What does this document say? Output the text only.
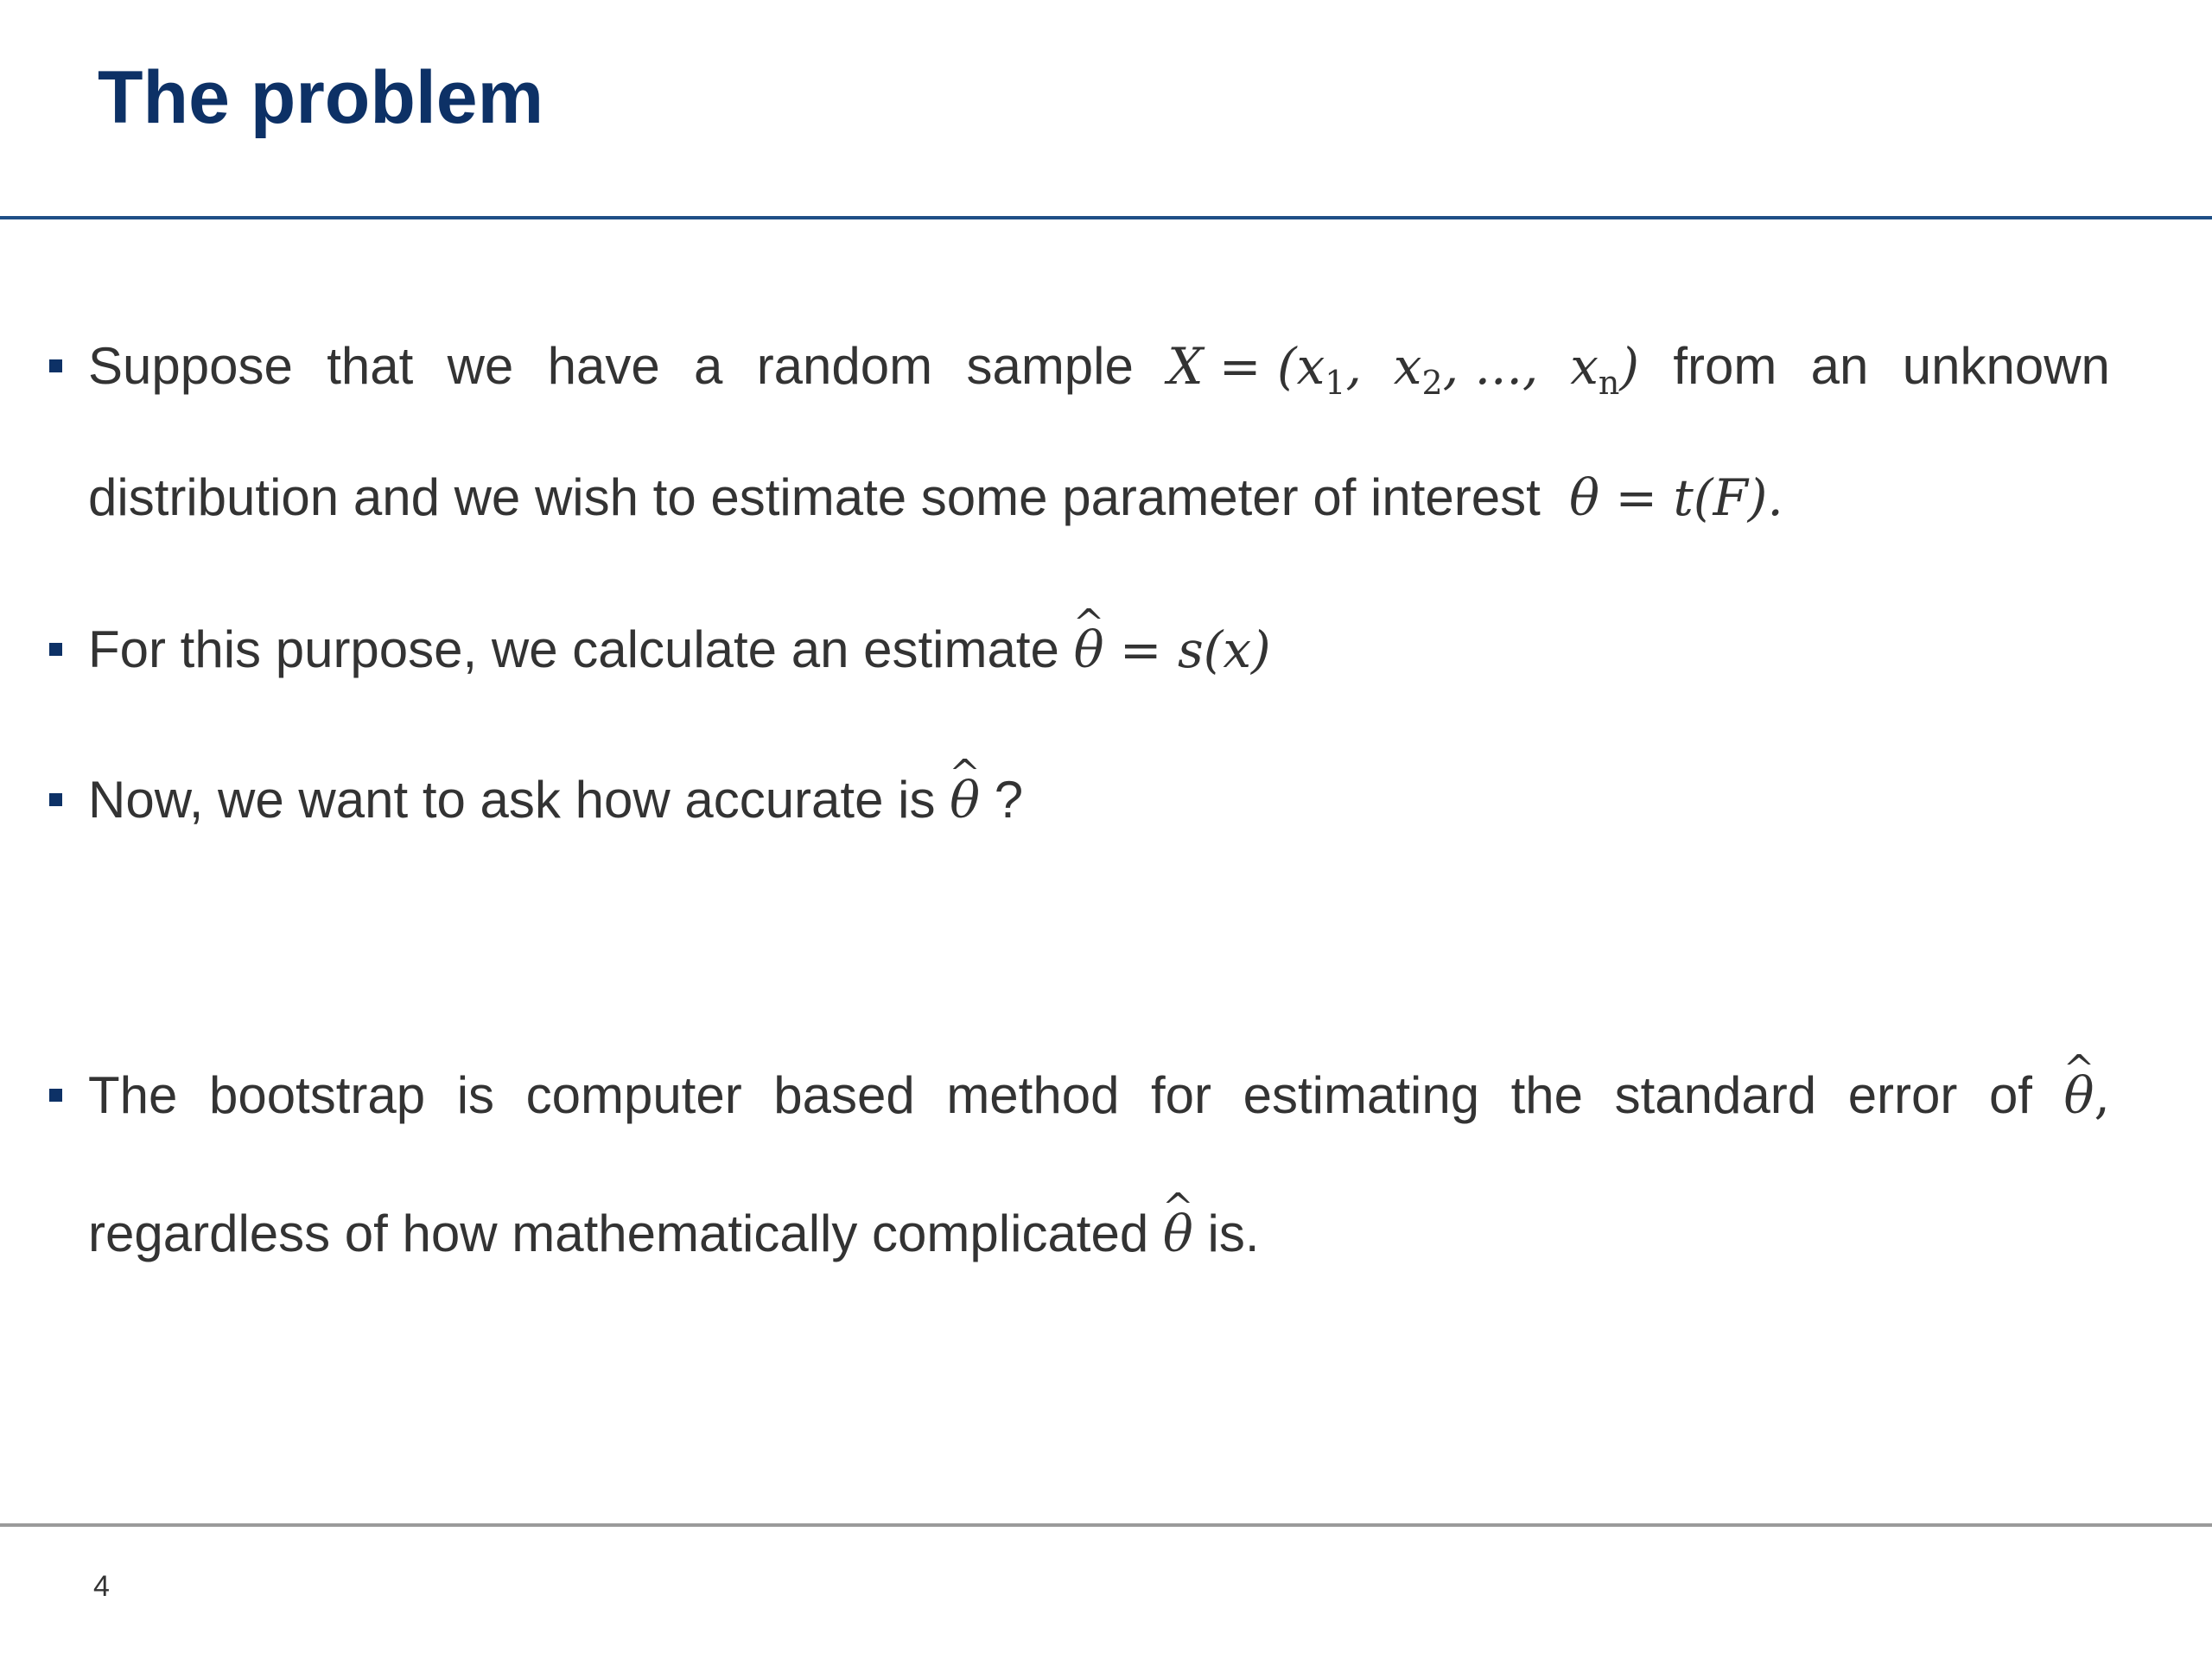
The problem
Suppose that we have a random sample $X = (x_1$,  $x_2$, ...,  $x_n$) from an unknown
distribution and we wish to estimate some parameter of interest θ = t(F).
For this purpose, we calculate an estimate ^ θ = s(x)
Now, we want to ask how accurate is ^ θ ?
The bootstrap is computer based method for estimating the standard error of ^ θ,
regardless of how mathematically complicated ^ θ is.
4
